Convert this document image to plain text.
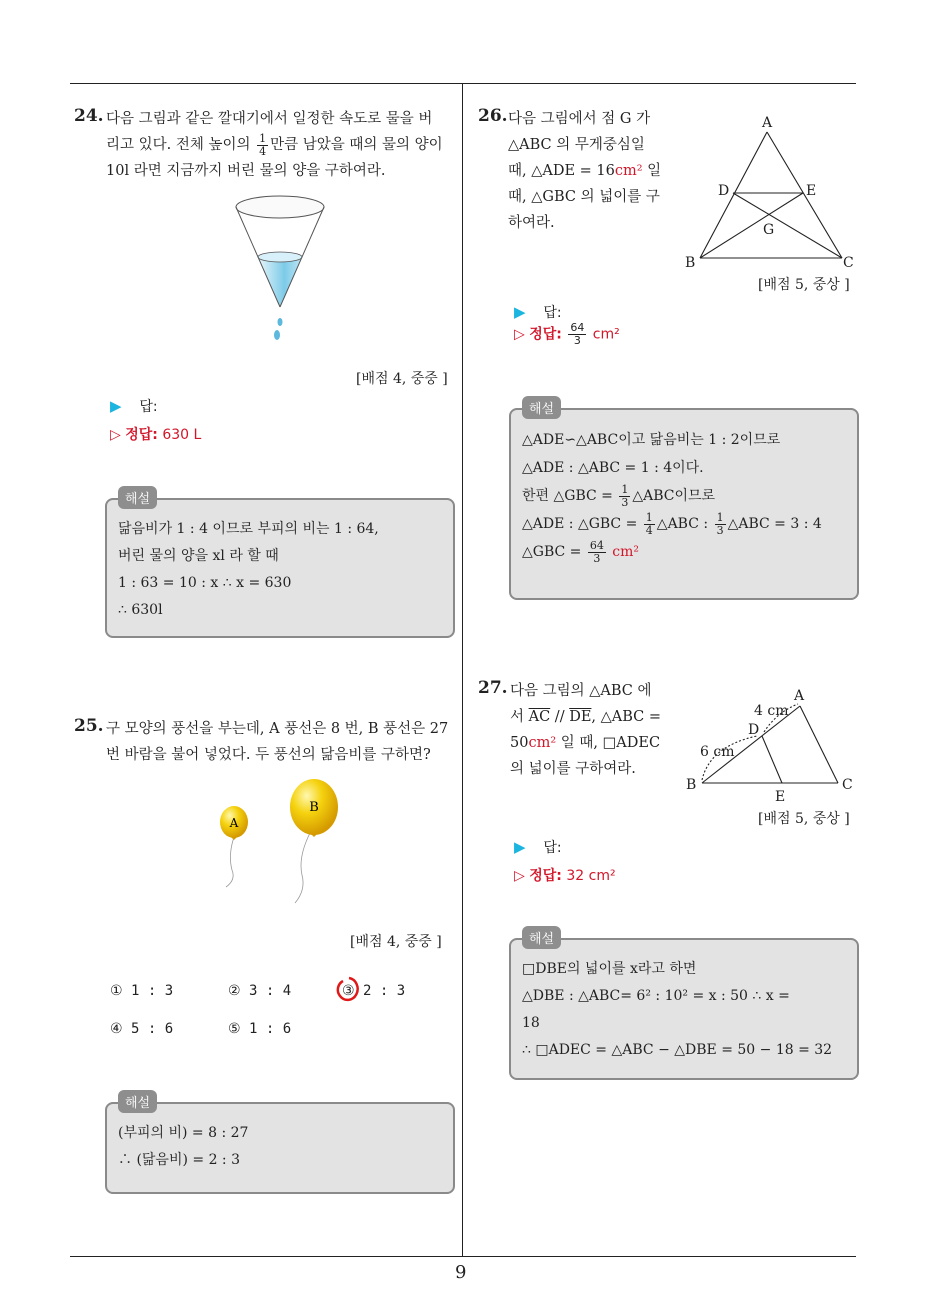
9
24. 다음 그림과 같은 깔대기에서 일정한 속도로 물을 버
리고 있다. 전체 높이의 $\frac{1}{4}$ 만큼 남았을 때의 물의 양이
10l 라면 지금까지 버린 물의 양을 구하여라.
[배점 4, 중중 ]
▶ 답:
▷ 정답: 630 L
해설
닮음비가 1 : 4 이므로 부피의 비는 1 : 64,
버린 물의 양을 xl 라 할 때
1 : 63 = 10 : x ∴ x = 630
∴ 630l
25. 구 모양의 풍선을 부는데, A 풍선은 8 번, B 풍선은 27
번 바람을 불어 넣었다. 두 풍선의 닮음비를 구하면?
A
B
[배점 4, 중중 ]
① 1 : 3	② 3 : 4	③ 2 : 3
④ 5 : 6	⑤ 1 : 6
해설
(부피의 비) = 8 : 27
∴ (닮음비) = 2 : 3
26. 다음 그림에서 점 G 가
△ABC 의 무게중심일
때, △ADE = 16cm² 일
때, △GBC 의 넓이를 구
하여라.
A
B	C
D	E
G
[배점 5, 중상 ]
▶ 답:
▷ 정답: $\frac{64}{3} cm^2$
해설
△ADE∽△ABC이고 닮음비는 1 : 2이므로
△ADE : △ABC = 1 : 4이다.
한편 △GBC = $\frac{1}{3}$ △ABC이므로
△ADE : △GBC = $\frac{1}{4}$ △ABC : $\frac{1}{3}$ △ABC = 3 : 4
△GBC = $\frac{64}{3} cm^2$
27. 다음 그림의 △ABC 에
서 $\overline{AC} // \overline{DE}$, △ABC =
50cm² 일 때, □ADEC
의 넓이를 구하여라.
A
B	C
D
E
4 cm
6 cm
[배점 5, 중상 ]
▶ 답:
▷ 정답: 32 cm²
해설
□DBE의 넓이를 x라고 하면
△DBE : △ABC= 6² : 10² = x : 50 ∴ x =
18
∴ □ADEC = △ABC − △DBE = 50 − 18 = 32
